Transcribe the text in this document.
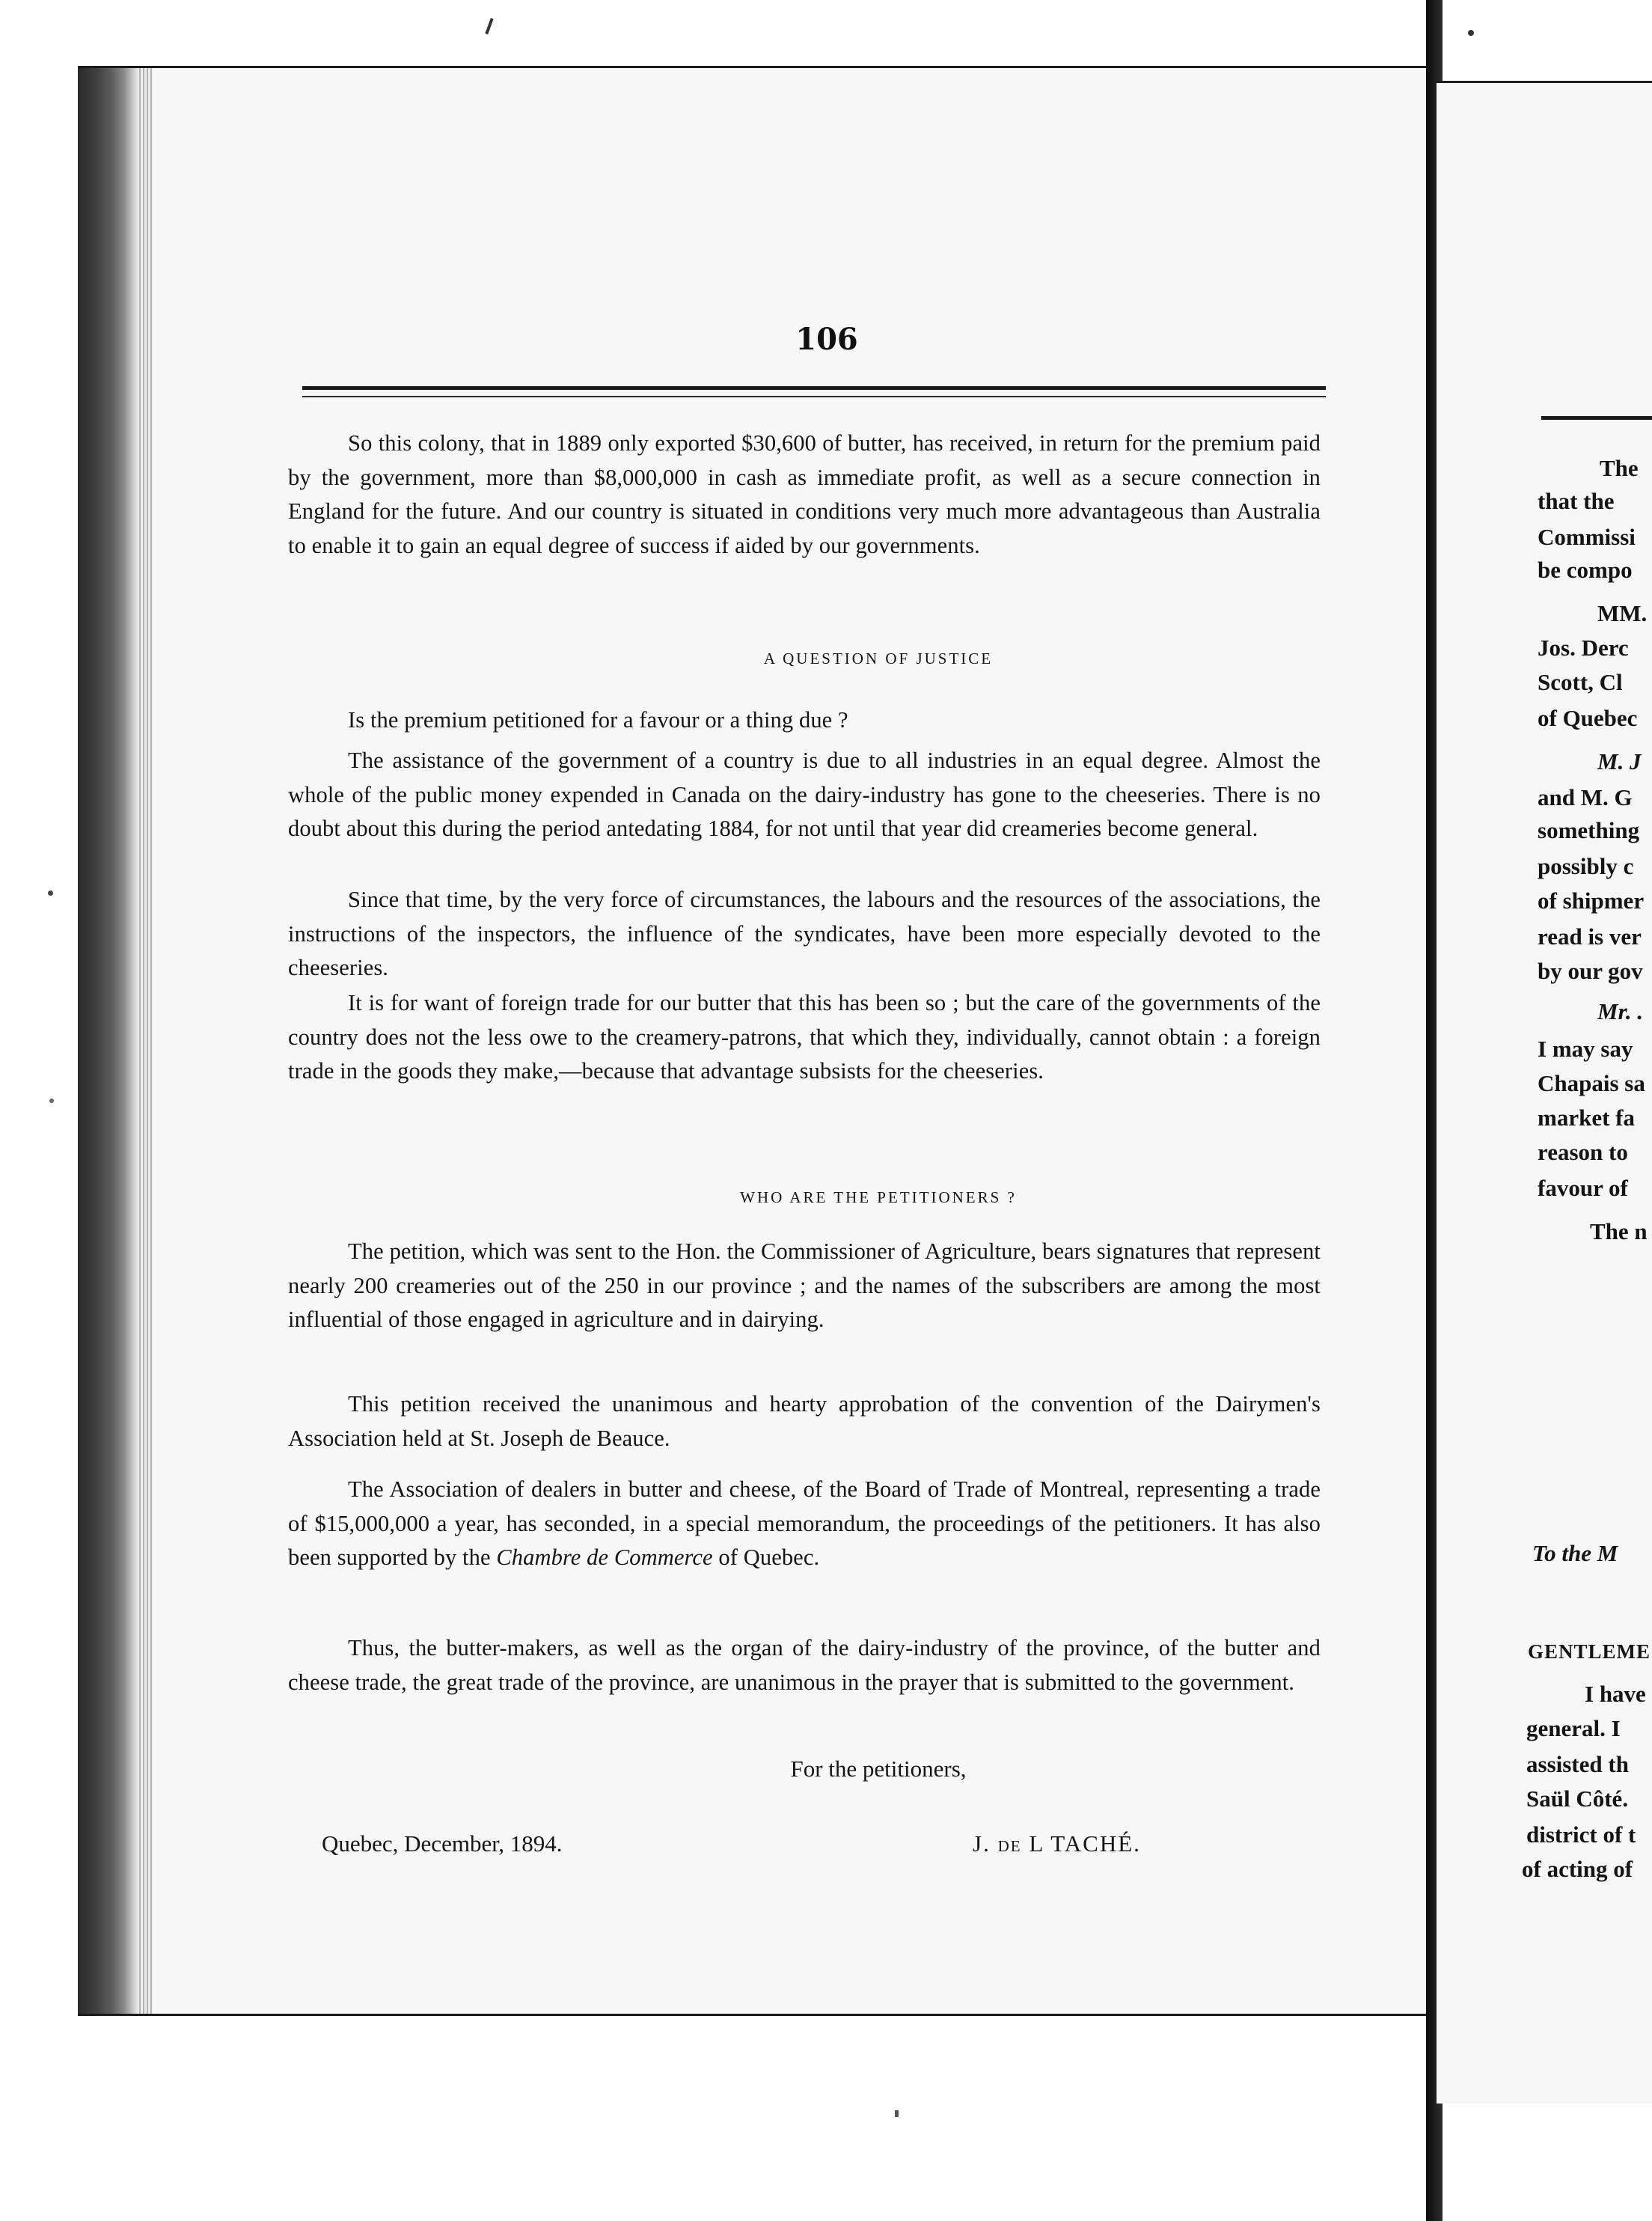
106

So this colony, that in 1889 only exported $30,600 of butter, has received, in return for the premium paid by the government, more than $8,000,000 in cash as immediate profit, as well as a secure connection in England for the future. And our country is situated in conditions very much more advantageous than Australia to enable it to gain an equal degree of success if aided by our governments.

A QUESTION OF JUSTICE

Is the premium petitioned for a favour or a thing due ?

The assistance of the government of a country is due to all industries in an equal degree. Almost the whole of the public money expended in Canada on the dairy-industry has gone to the cheeseries. There is no doubt about this during the period antedating 1884, for not until that year did creameries become general.

Since that time, by the very force of circumstances, the labours and the resources of the associations, the instructions of the inspectors, the influence of the syndicates, have been more especially devoted to the cheeseries.

It is for want of foreign trade for our butter that this has been so ; but the care of the governments of the country does not the less owe to the creamery-patrons, that which they, individually, cannot obtain : a foreign trade in the goods they make,—because that advantage subsists for the cheeseries.

WHO ARE THE PETITIONERS ?

The petition, which was sent to the Hon. the Commissioner of Agriculture, bears signatures that represent nearly 200 creameries out of the 250 in our province ; and the names of the subscribers are among the most influential of those engaged in agriculture and in dairying.

This petition received the unanimous and hearty approbation of the convention of the Dairymen's Association held at St. Joseph de Beauce.

The Association of dealers in butter and cheese, of the Board of Trade of Montreal, representing a trade of $15,000,000 a year, has seconded, in a special memorandum, the proceedings of the petitioners. It has also been supported by the Chambre de Commerce of Quebec.

Thus, the butter-makers, as well as the organ of the dairy-industry of the province, of the butter and cheese trade, the great trade of the province, are unanimous in the prayer that is submitted to the government.

For the petitioners,

Quebec, December, 1894.	J. DE L TACHÉ.

The

that the

Commissi

be compo

MM.

Jos. Derc

Scott, Cl

of Quebec

M. J

and M. G

something

possibly c

of shipmer

read is ver

by our gov

Mr. .

I may say

Chapais sa

market fa

reason to

favour of

The n

To the M

GENTLEME

I have

general. I

assisted th

Saül Côté.

district of t

of acting of
